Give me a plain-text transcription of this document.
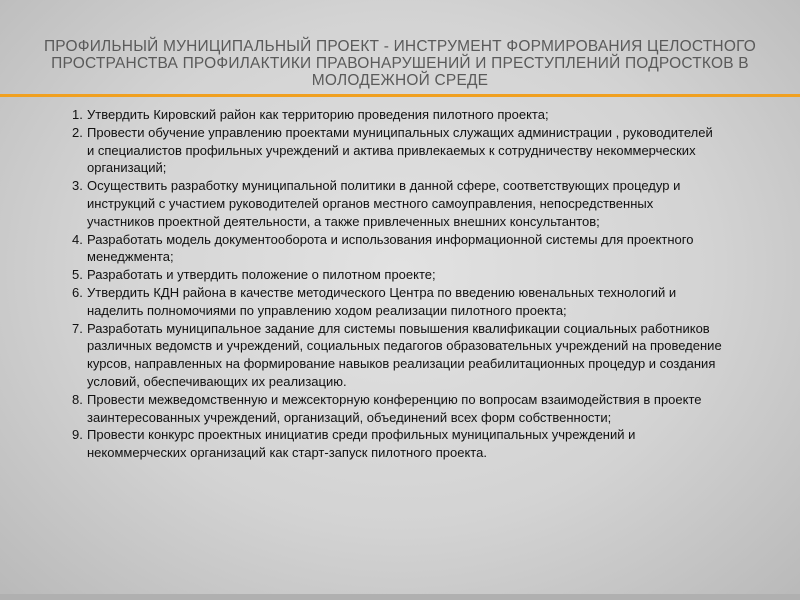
ПРОФИЛЬНЫЙ МУНИЦИПАЛЬНЫЙ ПРОЕКТ - ИНСТРУМЕНТ ФОРМИРОВАНИЯ ЦЕЛОСТНОГО ПРОСТРАНСТВА ПРОФИЛАКТИКИ ПРАВОНАРУШЕНИЙ И ПРЕСТУПЛЕНИЙ ПОДРОСТКОВ В МОЛОДЕЖНОЙ СРЕДЕ
1. Утвердить Кировский район как территорию проведения пилотного проекта;
2. Провести обучение управлению проектами муниципальных служащих администрации , руководителей и специалистов профильных учреждений и актива привлекаемых к сотрудничеству некоммерческих организаций;
3. Осуществить разработку муниципальной политики в данной сфере, соответствующих процедур и инструкций с участием руководителей органов местного самоуправления, непосредственных участников проектной деятельности, а также привлеченных внешних консультантов;
4. Разработать модель документооборота и использования информационной системы для проектного менеджмента;
5. Разработать и утвердить положение о пилотном проекте;
6. Утвердить КДН района в качестве методического Центра по введению ювенальных технологий и наделить полномочиями по управлению ходом реализации пилотного проекта;
7. Разработать муниципальное задание для системы повышения квалификации социальных работников различных ведомств и учреждений, социальных педагогов образовательных учреждений на проведение курсов, направленных на формирование навыков реализации реабилитационных процедур и создания условий, обеспечивающих их реализацию.
8. Провести межведомственную и межсекторную конференцию по вопросам взаимодействия в проекте заинтересованных учреждений, организаций, объединений всех форм собственности;
9. Провести конкурс проектных инициатив среди профильных муниципальных учреждений и некоммерческих организаций как старт-запуск пилотного проекта.
